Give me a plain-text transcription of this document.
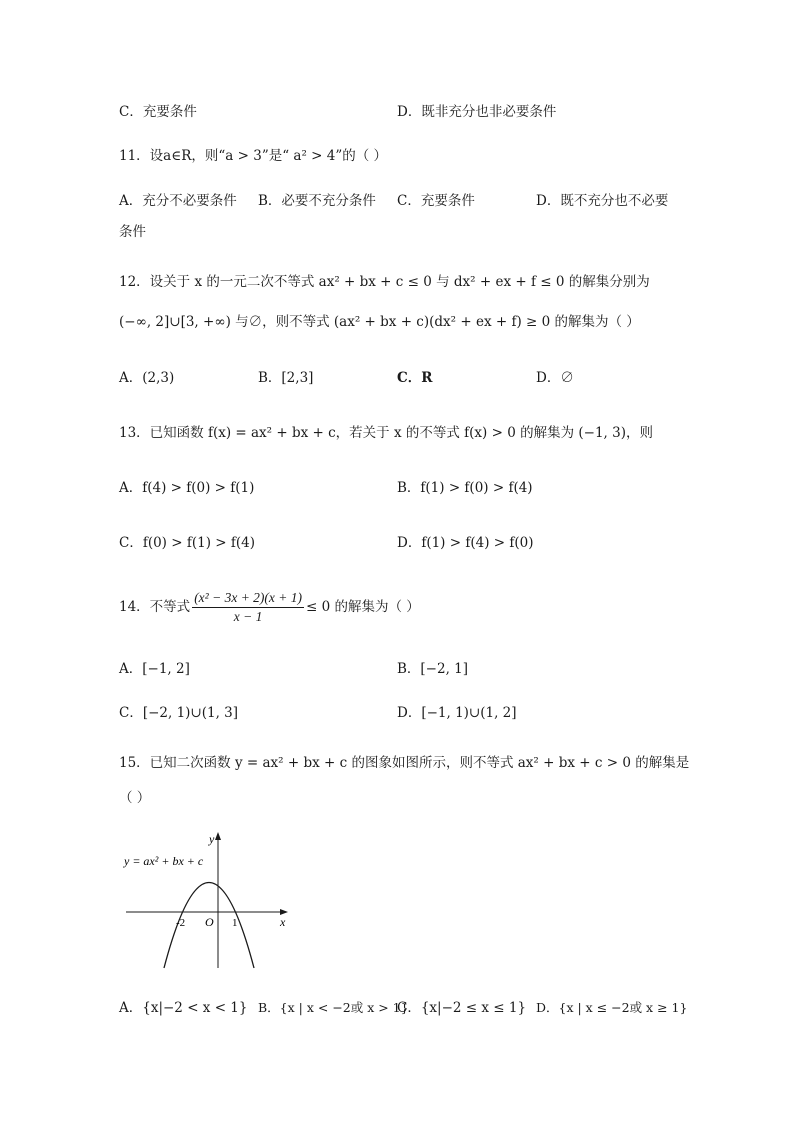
C．充要条件	D．既非充分也非必要条件
11．设a∈R，则“a > 3”是“ a² > 4”的（ ）
A．充分不必要条件 B．必要不充分条件 C．充要条件	D．既不充分也不必要
条件
12．设关于 x 的一元二次不等式 ax² + bx + c ≤ 0 与 dx² + ex + f ≤ 0 的解集分别为
(−∞, 2]∪[3, +∞) 与∅，则不等式 (ax² + bx + c)(dx² + ex + f) ≥ 0 的解集为（ ）
A．(2,3)	B．[2,3]	C．R	D．∅
13．已知函数 f(x) = ax² + bx + c，若关于 x 的不等式 f(x) > 0 的解集为 (−1, 3)，则
A．f(4) > f(0) > f(1)	B．f(1) > f(0) > f(4)
C．f(0) > f(1) > f(4)	D．f(1) > f(4) > f(0)
14．不等式 $\frac{\text{(x² − 3x + 2)(x + 1)}}{x - 1} \le 0$ 的解集为（ ）
A．[−1, 2]	B．[−2, 1]
C．[−2, 1)∪(1, 3]	D．[−1, 1)∪(1, 2]
15．已知二次函数 y = ax² + bx + c 的图象如图所示，则不等式 ax² + bx + c > 0 的解集是
（ ）
y
x
O
-2	1
y = ax² + bx + c
A．{x|−2 < x < 1} B．{x | x < −2或 x > 1}
C．{x|−2 ≤ x ≤ 1} D．{x | x ≤ −2或 x ≥ 1}
